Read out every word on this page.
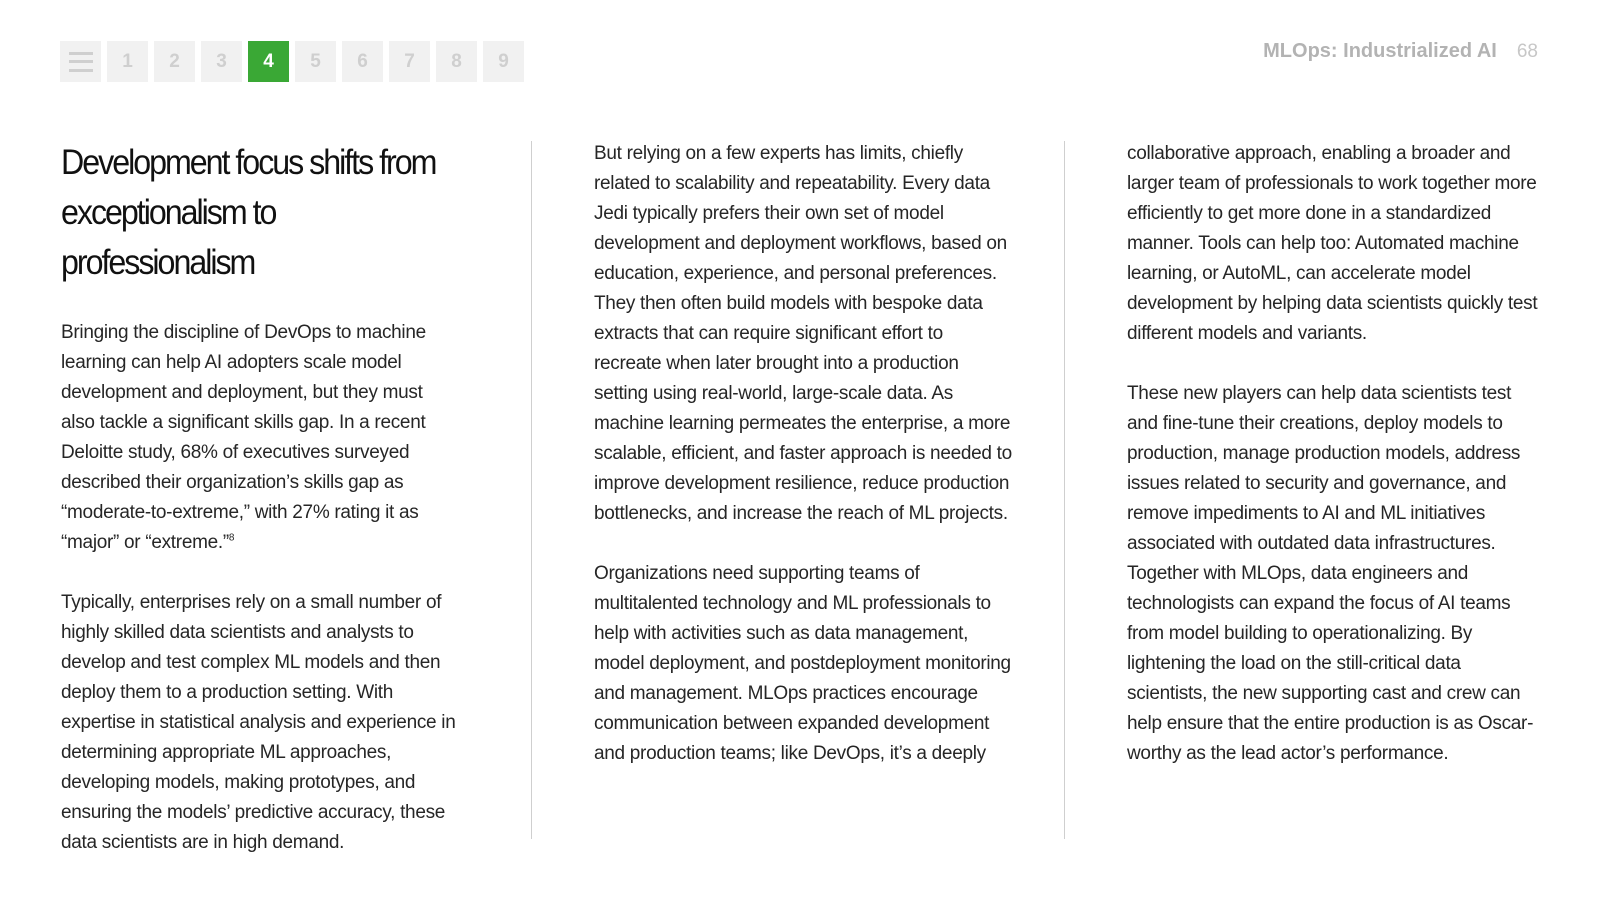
1	2	3	4	5	6	7	8	9	MLOps: Industrialized AI 68
Development focus shifts from exceptionalism to professionalism

Bringing the discipline of DevOps to machine learning can help AI adopters scale model development and deployment, but they must also tackle a significant skills gap. In a recent Deloitte study, 68% of executives surveyed described their organization’s skills gap as “moderate-to-extreme,” with 27% rating it as “major” or “extreme.”$^8$

Typically, enterprises rely on a small number of highly skilled data scientists and analysts to develop and test complex ML models and then deploy them to a production setting. With expertise in statistical analysis and experience in determining appropriate ML approaches, developing models, making prototypes, and ensuring the models’ predictive accuracy, these data scientists are in high demand.

But relying on a few experts has limits, chiefly related to scalability and repeatability. Every data Jedi typically prefers their own set of model development and deployment workflows, based on education, experience, and personal preferences. They then often build models with bespoke data extracts that can require significant effort to recreate when later brought into a production setting using real-world, large-scale data. As machine learning permeates the enterprise, a more scalable, efficient, and faster approach is needed to improve development resilience, reduce production bottlenecks, and increase the reach of ML projects.

Organizations need supporting teams of multitalented technology and ML professionals to help with activities such as data management, model deployment, and postdeployment monitoring and management. MLOps practices encourage communication between expanded development and production teams; like DevOps, it’s a deeply

collaborative approach, enabling a broader and larger team of professionals to work together more efficiently to get more done in a standardized manner. Tools can help too: Automated machine learning, or AutoML, can accelerate model development by helping data scientists quickly test different models and variants.

These new players can help data scientists test and fine-tune their creations, deploy models to production, manage production models, address issues related to security and governance, and remove impediments to AI and ML initiatives associated with outdated data infrastructures. Together with MLOps, data engineers and technologists can expand the focus of AI teams from model building to operationalizing. By lightening the load on the still-critical data scientists, the new supporting cast and crew can help ensure that the entire production is as Oscar-worthy as the lead actor’s performance.
